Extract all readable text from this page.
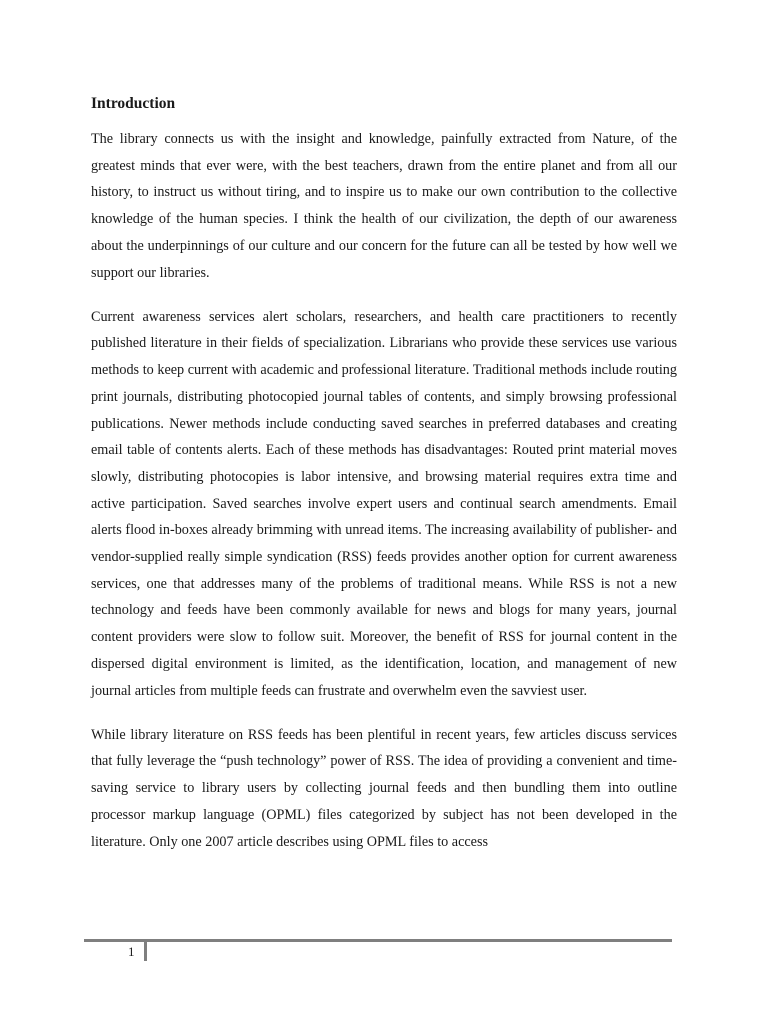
Introduction

The library connects us with the insight and knowledge, painfully extracted from Nature, of the greatest minds that ever were, with the best teachers, drawn from the entire planet and from all our history, to instruct us without tiring, and to inspire us to make our own contribution to the collective knowledge of the human species. I think the health of our civilization, the depth of our awareness about the underpinnings of our culture and our concern for the future can all be tested by how well we support our libraries.

Current awareness services alert scholars, researchers, and health care practitioners to recently published literature in their fields of specialization. Librarians who provide these services use various methods to keep current with academic and professional literature. Traditional methods include routing print journals, distributing photocopied journal tables of contents, and simply browsing professional publications. Newer methods include conducting saved searches in preferred databases and creating email table of contents alerts. Each of these methods has disadvantages: Routed print material moves slowly, distributing photocopies is labor intensive, and browsing material requires extra time and active participation. Saved searches involve expert users and continual search amendments. Email alerts flood in-boxes already brimming with unread items. The increasing availability of publisher- and vendor-supplied really simple syndication (RSS) feeds provides another option for current awareness services, one that addresses many of the problems of traditional means. While RSS is not a new technology and feeds have been commonly available for news and blogs for many years, journal content providers were slow to follow suit. Moreover, the benefit of RSS for journal content in the dispersed digital environment is limited, as the identification, location, and management of new journal articles from multiple feeds can frustrate and overwhelm even the savviest user.

While library literature on RSS feeds has been plentiful in recent years, few articles discuss services that fully leverage the “push technology” power of RSS. The idea of providing a convenient and time-saving service to library users by collecting journal feeds and then bundling them into outline processor markup language (OPML) files categorized by subject has not been developed in the literature. Only one 2007 article describes using OPML files to access

1
